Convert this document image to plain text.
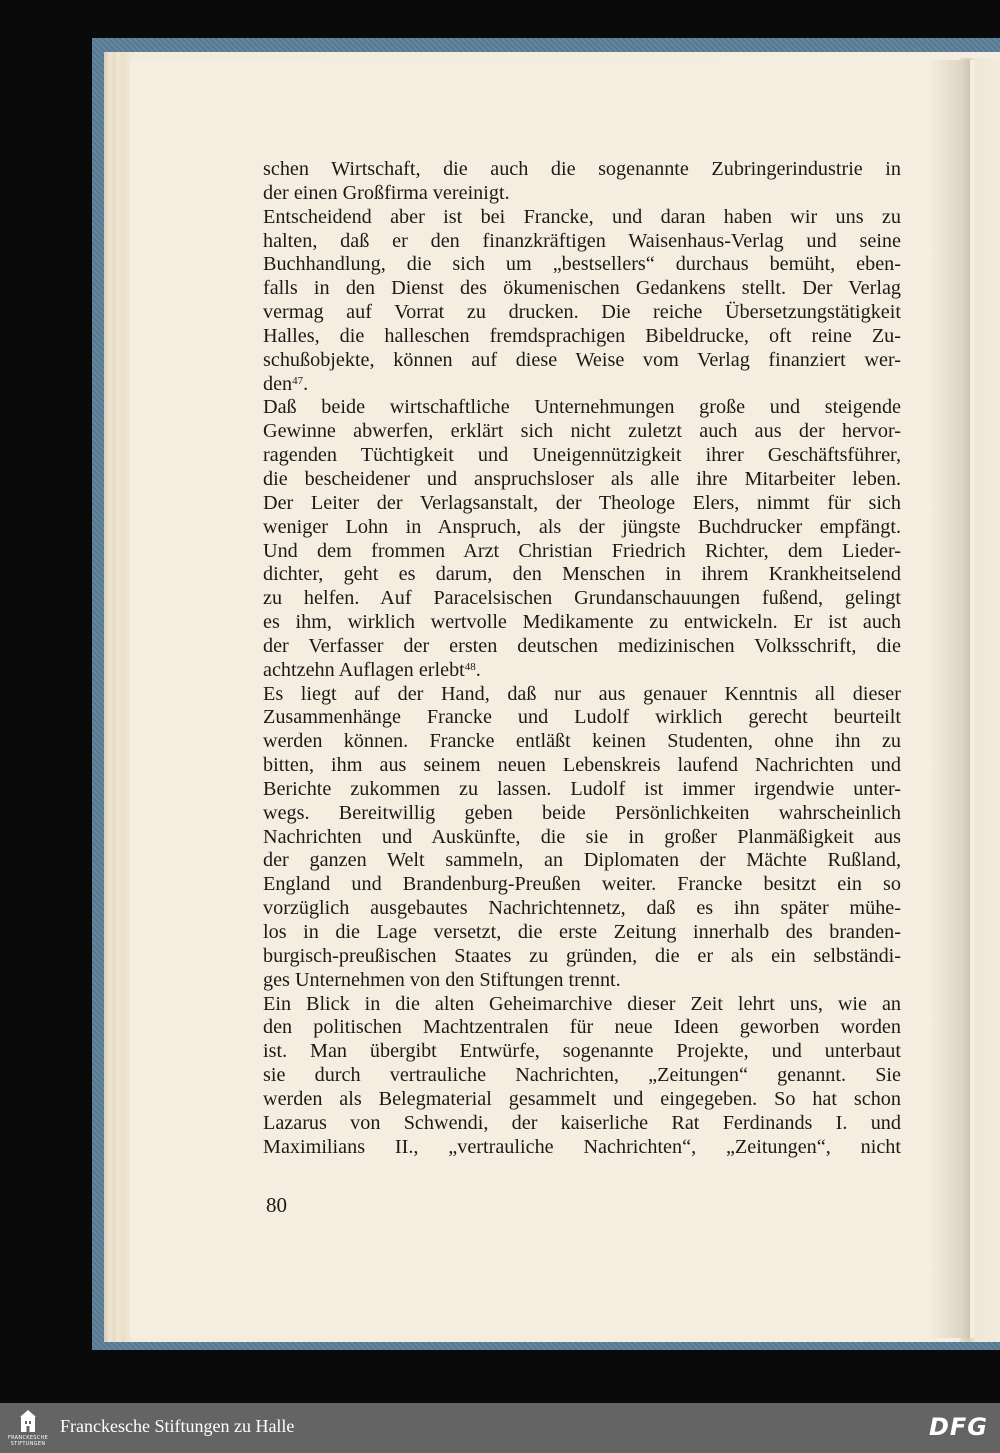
schen Wirtschaft, die auch die sogenannte Zubringerindustrie in
der einen Großfirma vereinigt.
Entscheidend aber ist bei Francke, und daran haben wir uns zu
halten, daß er den finanzkräftigen Waisenhaus-Verlag und seine
Buchhandlung, die sich um „bestsellers“ durchaus bemüht, eben-
falls in den Dienst des ökumenischen Gedankens stellt. Der Verlag
vermag auf Vorrat zu drucken. Die reiche Übersetzungstätigkeit
Halles, die halleschen fremdsprachigen Bibeldrucke, oft reine Zu-
schußobjekte, können auf diese Weise vom Verlag finanziert wer-
den$^{47}$.
Daß beide wirtschaftliche Unternehmungen große und steigende
Gewinne abwerfen, erklärt sich nicht zuletzt auch aus der hervor-
ragenden Tüchtigkeit und Uneigennützigkeit ihrer Geschäftsführer,
die bescheidener und anspruchsloser als alle ihre Mitarbeiter leben.
Der Leiter der Verlagsanstalt, der Theologe Elers, nimmt für sich
weniger Lohn in Anspruch, als der jüngste Buchdrucker empfängt.
Und dem frommen Arzt Christian Friedrich Richter, dem Lieder-
dichter, geht es darum, den Menschen in ihrem Krankheitselend
zu helfen. Auf Paracelsischen Grundanschauungen fußend, gelingt
es ihm, wirklich wertvolle Medikamente zu entwickeln. Er ist auch
der Verfasser der ersten deutschen medizinischen Volksschrift, die
achtzehn Auflagen erlebt$^{48}$.
Es liegt auf der Hand, daß nur aus genauer Kenntnis all dieser
Zusammenhänge Francke und Ludolf wirklich gerecht beurteilt
werden können. Francke entläßt keinen Studenten, ohne ihn zu
bitten, ihm aus seinem neuen Lebenskreis laufend Nachrichten und
Berichte zukommen zu lassen. Ludolf ist immer irgendwie unter-
wegs. Bereitwillig geben beide Persönlichkeiten wahrscheinlich
Nachrichten und Auskünfte, die sie in großer Planmäßigkeit aus
der ganzen Welt sammeln, an Diplomaten der Mächte Rußland,
England und Brandenburg-Preußen weiter. Francke besitzt ein so
vorzüglich ausgebautes Nachrichtennetz, daß es ihn später mühe-
los in die Lage versetzt, die erste Zeitung innerhalb des branden-
burgisch-preußischen Staates zu gründen, die er als ein selbständi-
ges Unternehmen von den Stiftungen trennt.
Ein Blick in die alten Geheimarchive dieser Zeit lehrt uns, wie an
den politischen Machtzentralen für neue Ideen geworben worden
ist. Man übergibt Entwürfe, sogenannte Projekte, und unterbaut
sie durch vertrauliche Nachrichten, „Zeitungen“ genannt. Sie
werden als Belegmaterial gesammelt und eingegeben. So hat schon
Lazarus von Schwendi, der kaiserliche Rat Ferdinands I. und
Maximilians II., „vertrauliche Nachrichten“, „Zeitungen“, nicht
80
FRANCKESCHE
STIFTUNGEN
Franckesche Stiftungen zu Halle	DFG
